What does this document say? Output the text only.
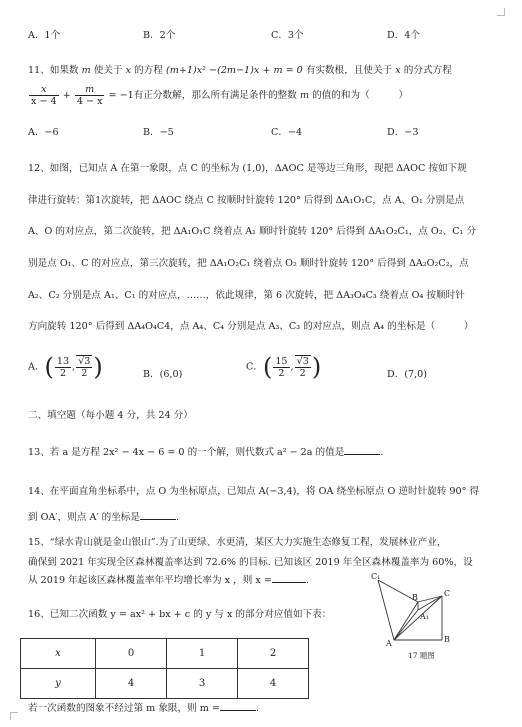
A．1个	B．2个	C．3个	D．4个
11、如果数 m 使关于 x 的方程 (m+1)x² −(2m−1)x + m = 0 有实数根，且使关于 x 的分式方程
$\frac{x}{x - 4} + \frac{m}{4 - x} = -1$有正分数解，那么所有满足条件的整数 m 的值的和为（　　　）
A．−6	B．−5	C．−4	D．−3
12、如图，已知点 A 在第一象限，点 C 的坐标为 (1,0)，ΔAOC 是等边三角形，现把 ΔAOC 按如下规
律进行旋转：第1次旋转，把 ΔAOC 绕点 C 按顺时针旋转 120° 后得到 ΔA₁O₁C，点 A、O₁ 分别是点
A、O 的对应点，第二次旋转，把 ΔA₁O₁C 绕着点 A₁ 顺时针旋转 120° 后得到 ΔA₁O₂C₁，点 O₂、C₁ 分
别是点 O₁、C 的对应点，第三次旋转，把 ΔA₁O₂C₁ 绕着点 O₂ 顺时针旋转 120° 后得到 ΔA₂O₂C₂，点
A₂、C₂ 分别是点 A₁、C₁ 的对应点，……，依此规律，第 6 次旋转，把 ΔA₃O₄C₃ 绕着点 O₄ 按顺时针
方向旋转 120° 后得到 ΔA₄O₄C4，点 A₄、C₄ 分别是点 A₃、C₃ 的对应点，则点 A₄ 的坐标是（　　　）
A．( $\frac{13}{2}$ , $\frac{√3}{2}$ )	B．(6,0)
C．( $\frac{15}{2}$ , $\frac{√3}{2}$ )	D．(7,0)
二、填空题（每小题 4 分，共 24 分）
13、若 a 是方程 2x² − 4x − 6 = 0 的一个解，则代数式 a² − 2a 的值是	.
14、在平面直角坐标系中，点 O 为坐标原点，已知点 A(−3,4)，将 OA 绕坐标原点 O 逆时针旋转 90° 得
到 OA′，则点 A′ 的坐标是	.
15、“绿水青山就是金山银山”.为了山更绿、水更清，某区大力实施生态修复工程，发展林业产业，
确保到 2021 年实现全区森林覆盖率达到 72.6% 的目标. 已知该区 2019 年全区森林覆盖率为 60%，设
从 2019 年起该区森林覆盖率年平均增长率为 x ，则 x =	.
16、已知二次函数 y = ax² + bx + c 的 y 与 x 的部分对应值如下表：
x	0	1	2
y	4	3	4
若一次函数的图象不经过第 m 象限，则 m =	.
C₁
B	C
A₁
A	B
17 题图
